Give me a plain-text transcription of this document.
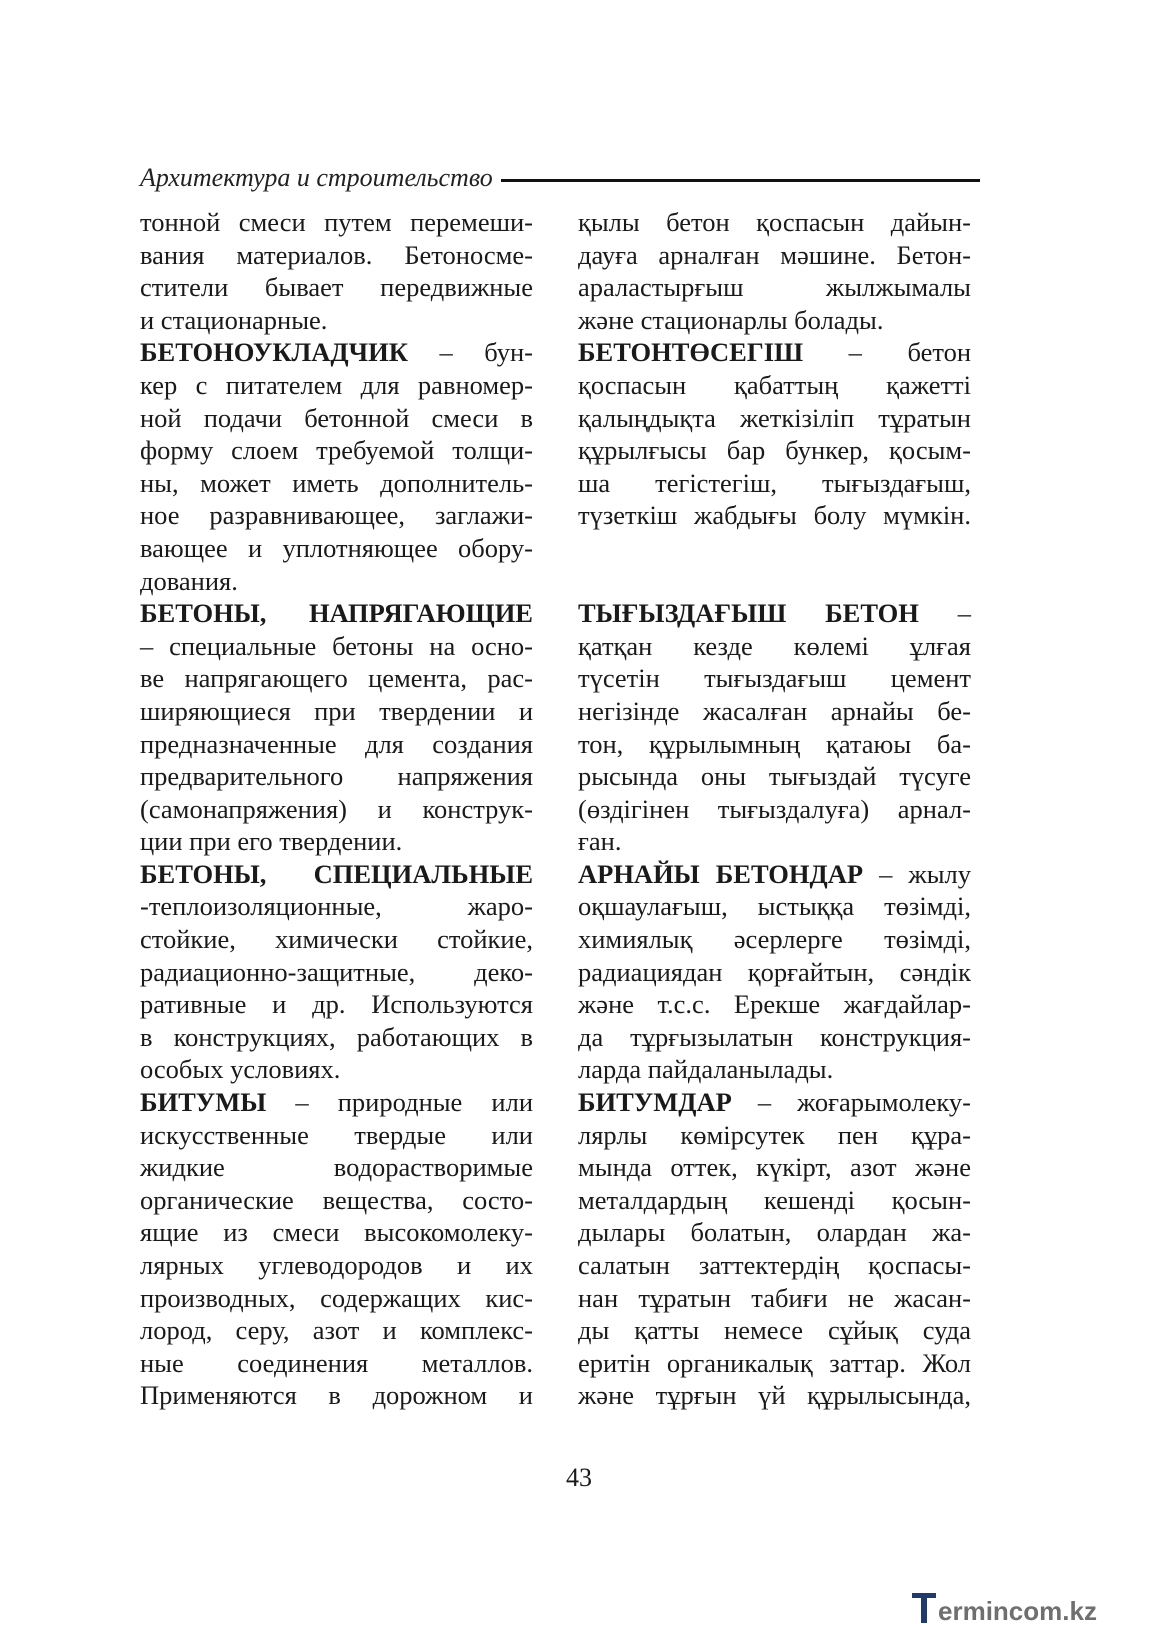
Архитектура и строительство
тонной смеси путем перемеши-
вания материалов. Бетоносме-
стители бывает передвижные
и стационарные.
БЕТОНОУКЛАДЧИК – бун-
кер с питателем для равномер-
ной подачи бетонной смеси в
форму слоем требуемой толщи-
ны, может иметь дополнитель-
ное разравнивающее, заглажи-
вающее и уплотняющее обору-
дования.
БЕТОНЫ, НАПРЯГАЮЩИЕ
– специальные бетоны на осно-
ве напрягающего цемента, рас-
ширяющиеся при твердении и
предназначенные для создания
предварительного напряжения
(самонапряжения) и конструк-
ции при его твердении.
БЕТОНЫ, СПЕЦИАЛЬНЫЕ
-теплоизоляционные, жаро-
стойкие, химически стойкие,
радиационно-защитные, деко-
ративные и др. Используются
в конструкциях, работающих в
особых условиях.
БИТУМЫ – природные или
искусственные твердые или
жидкие водорастворимые
органические вещества, состо-
ящие из смеси высокомолеку-
лярных углеводородов и их
производных, содержащих кис-
лород, серу, азот и комплекс-
ные соединения металлов.
Применяются в дорожном и
қылы бетон қоспасын дайын-
дауға арналған мәшине. Бетон-
араластырғыш жылжымалы
және стационарлы болады.
БЕТОНТӨСЕГІШ – бетон
қоспасын қабаттың қажетті
қалыңдықта жеткізіліп тұратын
құрылғысы бар бункер, қосым-
ша тегістегіш, тығыздағыш,
түзеткіш жабдығы болу мүмкін.
ТЫҒЫЗДАҒЫШ БЕТОН –
қатқан кезде көлемі ұлғая
түсетін тығыздағыш цемент
негізінде жасалған арнайы бе-
тон, құрылымның қатаюы ба-
рысында оны тығыздай түсуге
(өздігінен тығыздалуға) арнал-
ған.
АРНАЙЫ БЕТОНДАР – жылу
оқшаулағыш, ыстыққа төзімді,
химиялық әсерлерге төзімді,
радиациядан қорғайтын, сәндік
және т.с.с. Ерекше жағдайлар-
да тұрғызылатын конструкция-
ларда пайдаланылады.
БИТУМДАР – жоғарымолеку-
лярлы көмірсутек пен құра-
мында оттек, күкірт, азот және
металдардың кешенді қосын-
дылары болатын, олардан жа-
салатын заттектердің қоспасы-
нан тұратын табиғи не жасан-
ды қатты немесе сұйық суда
еритін органикалық заттар. Жол
және тұрғын үй құрылысында,
43
ermincom.kz
